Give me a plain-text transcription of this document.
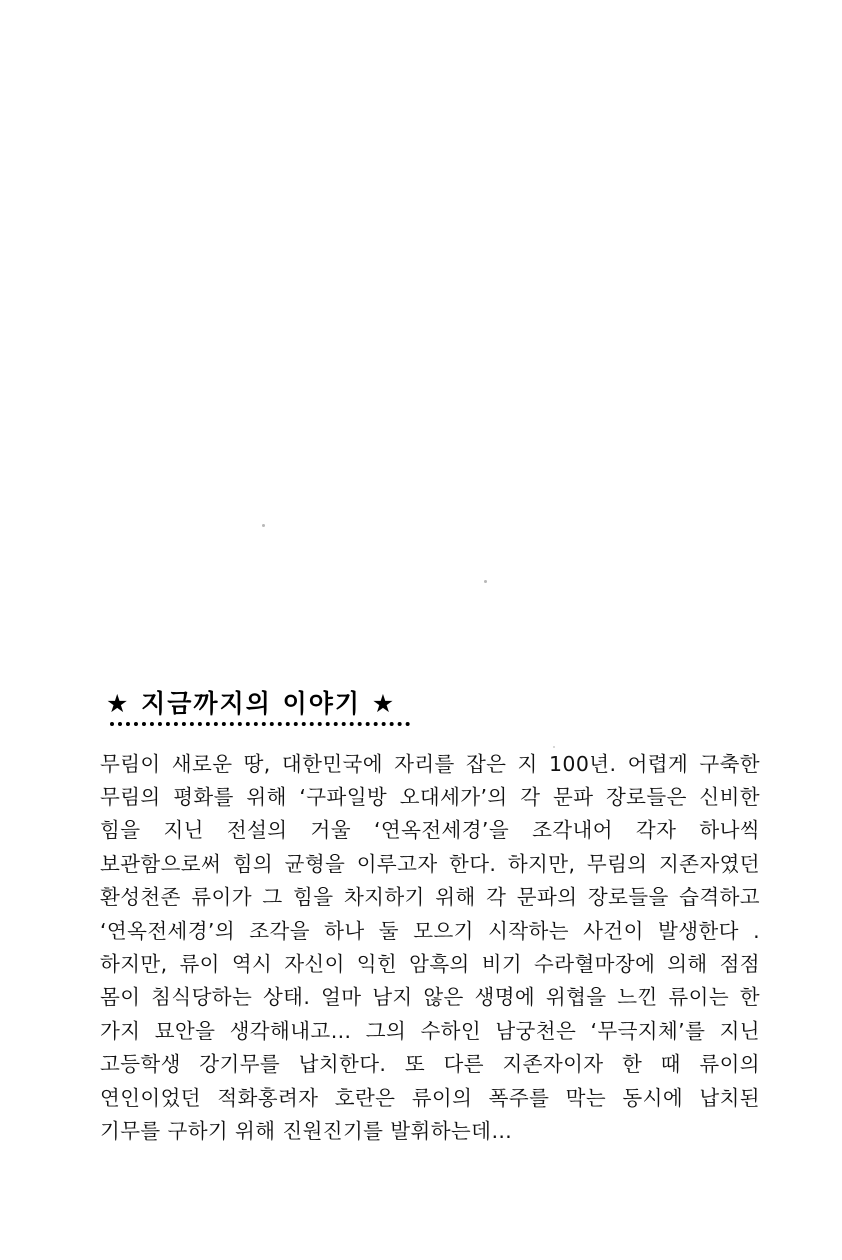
★ 지금까지의 이야기 ★

무림이 새로운 땅, 대한민국에 자리를 잡은 지 100년. 어렵게 구축한 무림의 평화를 위해 ‘구파일방 오대세가’의 각 문파 장로들은 신비한 힘을 지닌 전설의 거울 ‘연옥전세경’을 조각내어 각자 하나씩 보관함으로써 힘의 균형을 이루고자 한다. 하지만, 무림의 지존자였던 환성천존 류이가 그 힘을 차지하기 위해 각 문파의 장로들을 습격하고 ‘연옥전세경’의 조각을 하나 둘 모으기 시작하는 사건이 발생한다 . 하지만, 류이 역시 자신이 익힌 암흑의 비기 수라혈마장에 의해 점점 몸이 침식당하는 상태. 얼마 남지 않은 생명에 위협을 느낀 류이는 한 가지 묘안을 생각해내고… 그의 수하인 남궁천은 ‘무극지체’를 지닌 고등학생 강기무를 납치한다. 또 다른 지존자이자 한 때 류이의 연인이었던 적화홍려자 호란은 류이의 폭주를 막는 동시에 납치된 기무를 구하기 위해 진원진기를 발휘하는데…
